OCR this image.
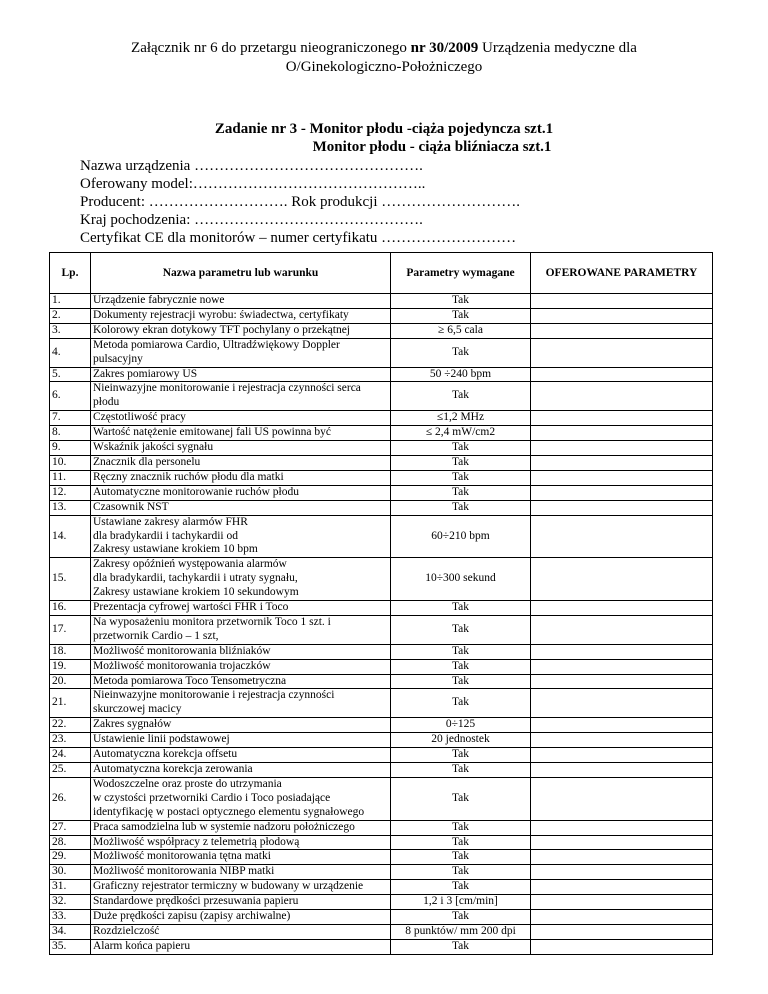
Załącznik nr 6 do przetargu nieograniczonego nr 30/2009 Urządzenia medyczne dla
O/Ginekologiczno-Położniczego
Zadanie nr 3 - Monitor płodu -ciąża pojedyncza szt.1
Monitor płodu - ciąża bliźniacza szt.1
Nazwa urządzenia ……………………………………….
Oferowany model:………………………………………..
Producent: ………………………. Rok produkcji ……………………….
Kraj pochodzenia: ……………………………………….
Certyfikat CE dla monitorów – numer certyfikatu ………………………
Lp.	Nazwa parametru lub warunku	Parametry wymagane	OFEROWANE PARAMETRY
1.	Urządzenie fabrycznie nowe	Tak	
2.	Dokumenty rejestracji wyrobu: świadectwa, certyfikaty	Tak	
3.	Kolorowy ekran dotykowy TFT pochylany o przekątnej	≥ 6,5 cala	
4.	Metoda pomiarowa Cardio, Ultradźwiękowy Doppler pulsacyjny	Tak	
5.	Zakres pomiarowy US	50 ÷240 bpm	
6.	Nieinwazyjne monitorowanie i rejestracja czynności serca płodu	Tak	
7.	Częstotliwość pracy	≤1,2 MHz	
8.	Wartość natężenie emitowanej fali US powinna być	≤ 2,4 mW/cm2	
9.	Wskaźnik jakości sygnału	Tak	
10.	Znacznik dla personelu	Tak	
11.	Ręczny znacznik ruchów płodu dla matki	Tak	
12.	Automatyczne monitorowanie ruchów płodu	Tak	
13.	Czasownik NST	Tak	
14.	Ustawiane zakresy alarmów FHR
dla bradykardii i tachykardii od
Zakresy ustawiane krokiem 10 bpm	60÷210 bpm	
15.	Zakresy opóźnień występowania alarmów
dla bradykardii, tachykardii i utraty sygnału,
Zakresy ustawiane krokiem 10 sekundowym	10÷300 sekund	
16.	Prezentacja cyfrowej wartości FHR i Toco	Tak	
17.	Na wyposażeniu monitora przetwornik Toco 1 szt. i przetwornik Cardio – 1 szt,	Tak	
18.	Możliwość monitorowania bliźniaków	Tak	
19.	Możliwość monitorowania trojaczków	Tak	
20.	Metoda pomiarowa Toco Tensometryczna	Tak	
21.	Nieinwazyjne monitorowanie i rejestracja czynności skurczowej macicy	Tak	
22.	Zakres sygnałów	0÷125	
23.	Ustawienie linii podstawowej	20 jednostek	
24.	Automatyczna korekcja offsetu	Tak	
25.	Automatyczna korekcja zerowania	Tak	
26.	Wodoszczelne oraz proste do utrzymania
w czystości przetworniki Cardio i Toco posiadające
identyfikację w postaci optycznego elementu sygnałowego	Tak	
27.	Praca samodzielna lub w systemie nadzoru położniczego	Tak	
28.	Możliwość współpracy z telemetrią płodową	Tak	
29.	Możliwość monitorowania tętna matki	Tak	
30.	Możliwość monitorowania NIBP matki	Tak	
31.	Graficzny rejestrator termiczny w budowany w urządzenie	Tak	
32.	Standardowe prędkości przesuwania papieru	1,2 i 3 [cm/min]	
33.	Duże prędkości zapisu (zapisy archiwalne)	Tak	
34.	Rozdzielczość	8 punktów/ mm 200 dpi	
35.	Alarm końca papieru	Tak	
